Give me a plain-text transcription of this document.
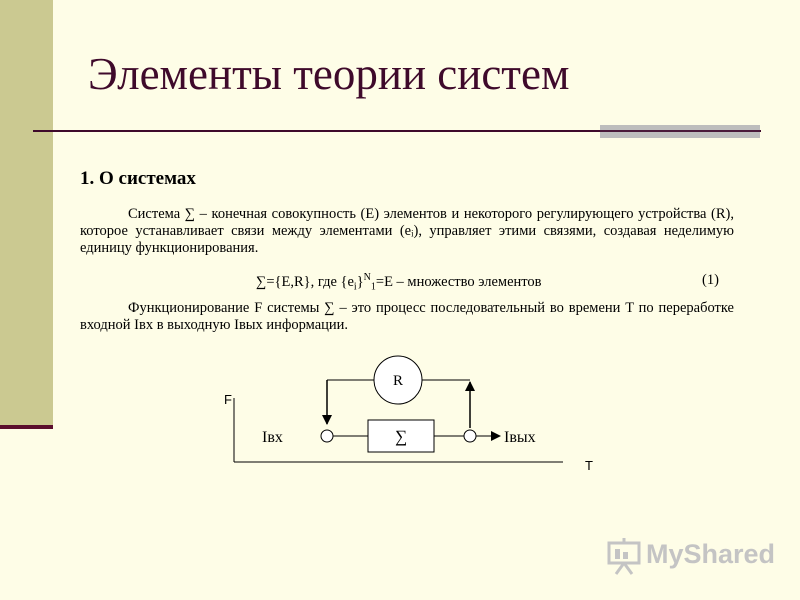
Элементы теории систем
1. О системах

Система ∑ – конечная совокупность (E) элементов и некоторого регулирующего устройства (R), которое устанавливает связи между элементами (eᵢ), управляет этими связями, создавая неделимую единицу функционирования.

∑={E,R}, где $\{e_i\}^N_1=E$ – множество элементов	(1)

Функционирование F системы ∑ – это процесс последовательный во времени T по переработке входной Iвх в выходную Iвых информации.

F
T
R
∑
Iвх	Iвых
MyShared
